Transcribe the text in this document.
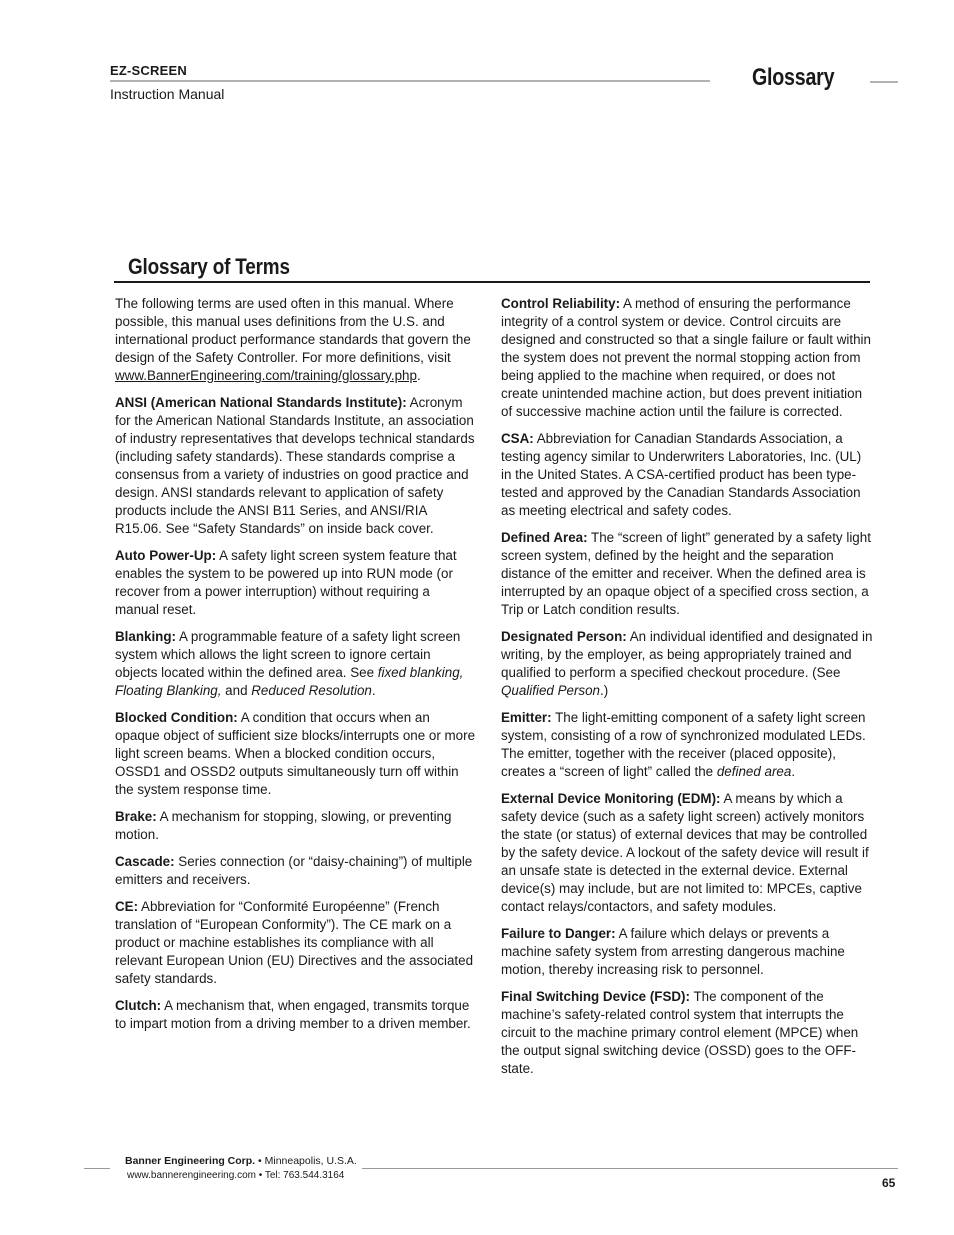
EZ-SCREEN
Instruction Manual
Glossary
Glossary of Terms

The following terms are used often in this manual. Where possible, this manual uses definitions from the U.S. and international product performance standards that govern the design of the Safety Controller. For more definitions, visit www.BannerEngineering.com/training/glossary.php.

ANSI (American National Standards Institute): Acronym for the American National Standards Institute, an association of industry representatives that develops technical standards (including safety standards). These standards comprise a consensus from a variety of industries on good practice and design. ANSI standards relevant to application of safety products include the ANSI B11 Series, and ANSI/RIA R15.06. See “Safety Standards” on inside back cover.

Auto Power-Up: A safety light screen system feature that enables the system to be powered up into RUN mode (or recover from a power interruption) without requiring a manual reset.

Blanking: A programmable feature of a safety light screen system which allows the light screen to ignore certain objects located within the defined area. See fixed blanking, Floating Blanking, and Reduced Resolution.

Blocked Condition: A condition that occurs when an opaque object of sufficient size blocks/interrupts one or more light screen beams. When a blocked condition occurs, OSSD1 and OSSD2 outputs simultaneously turn off within the system response time.

Brake: A mechanism for stopping, slowing, or preventing motion.

Cascade: Series connection (or “daisy-chaining”) of multiple emitters and receivers.

CE: Abbreviation for “Conformité Européenne” (French translation of “European Conformity”). The CE mark on a product or machine establishes its compliance with all relevant European Union (EU) Directives and the associated safety standards.

Clutch: A mechanism that, when engaged, transmits torque to impart motion from a driving member to a driven member.

Control Reliability: A method of ensuring the performance integrity of a control system or device. Control circuits are designed and constructed so that a single failure or fault within the system does not prevent the normal stopping action from being applied to the machine when required, or does not create unintended machine action, but does prevent initiation of successive machine action until the failure is corrected.

CSA: Abbreviation for Canadian Standards Association, a testing agency similar to Underwriters Laboratories, Inc. (UL) in the United States. A CSA-certified product has been type-tested and approved by the Canadian Standards Association as meeting electrical and safety codes.

Defined Area: The “screen of light” generated by a safety light screen system, defined by the height and the separation distance of the emitter and receiver. When the defined area is interrupted by an opaque object of a specified cross section, a Trip or Latch condition results.

Designated Person: An individual identified and designated in writing, by the employer, as being appropriately trained and qualified to perform a specified checkout procedure. (See Qualified Person.)

Emitter: The light-emitting component of a safety light screen system, consisting of a row of synchronized modulated LEDs. The emitter, together with the receiver (placed opposite), creates a “screen of light” called the defined area.

External Device Monitoring (EDM): A means by which a safety device (such as a safety light screen) actively monitors the state (or status) of external devices that may be controlled by the safety device. A lockout of the safety device will result if an unsafe state is detected in the external device. External device(s) may include, but are not limited to: MPCEs, captive contact relays/contactors, and safety modules.

Failure to Danger: A failure which delays or prevents a machine safety system from arresting dangerous machine motion, thereby increasing risk to personnel.

Final Switching Device (FSD): The component of the machine’s safety-related control system that interrupts the circuit to the machine primary control element (MPCE) when the output signal switching device (OSSD) goes to the OFF-state.

Banner Engineering Corp. • Minneapolis, U.S.A.
www.bannerengineering.com • Tel: 763.544.3164
65
